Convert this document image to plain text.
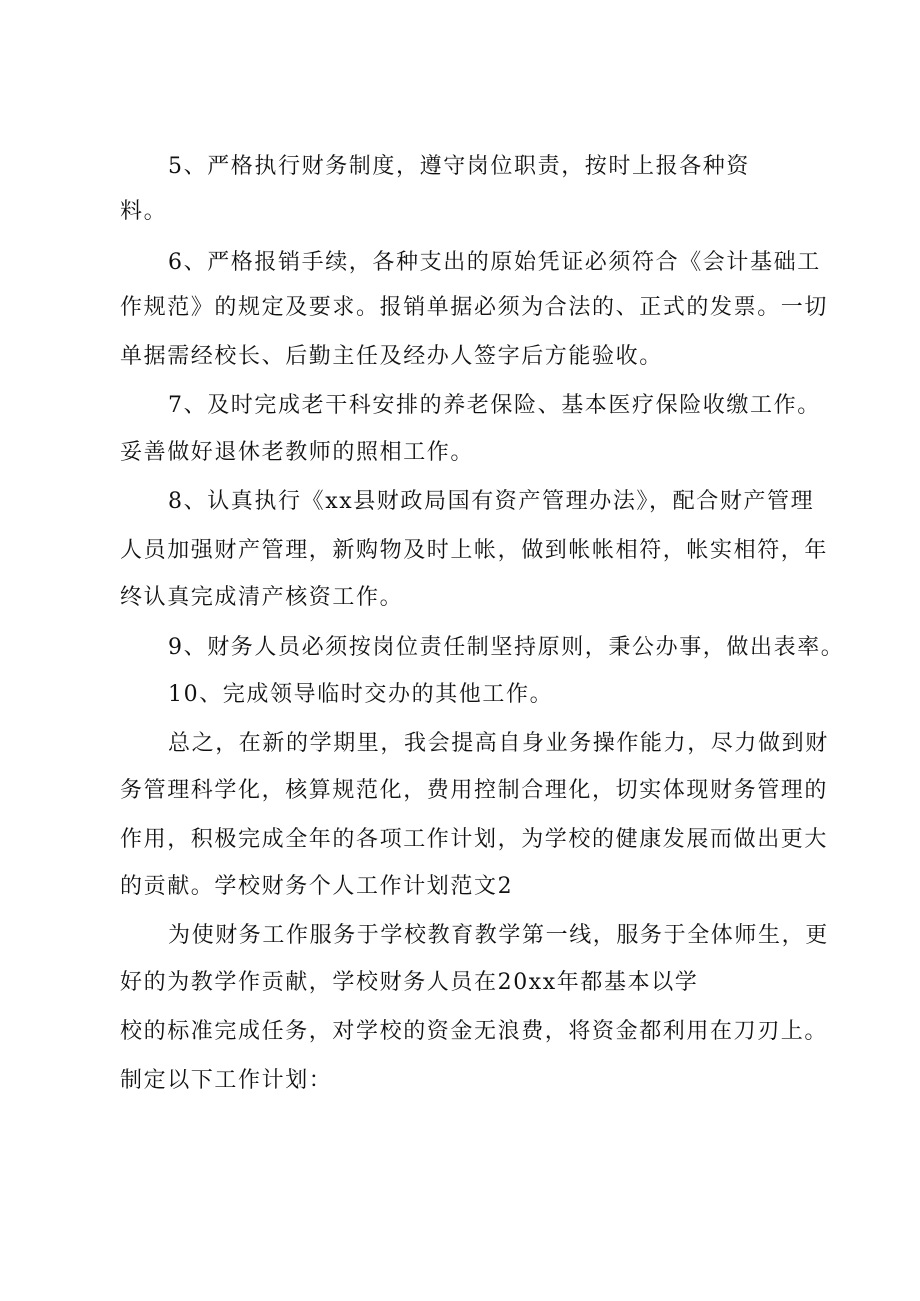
5、严格执行财务制度，遵守岗位职责，按时上报各种资
料。
6、严格报销手续，各种支出的原始凭证必须符合《会计基础工
作规范》的规定及要求。报销单据必须为合法的、正式的发票。一切
单据需经校长、后勤主任及经办人签字后方能验收。
7、及时完成老干科安排的养老保险、基本医疗保险收缴工作。
妥善做好退休老教师的照相工作。
8、认真执行《xx县财政局国有资产管理办法》，配合财产管理
人员加强财产管理，新购物及时上帐，做到帐帐相符，帐实相符，年
终认真完成清产核资工作。
9、财务人员必须按岗位责任制坚持原则，秉公办事，做出表率。
10、完成领导临时交办的其他工作。
总之，在新的学期里，我会提高自身业务操作能力，尽力做到财
务管理科学化，核算规范化，费用控制合理化，切实体现财务管理的
作用，积极完成全年的各项工作计划，为学校的健康发展而做出更大
的贡献。学校财务个人工作计划范文2
为使财务工作服务于学校教育教学第一线，服务于全体师生，更
好的为教学作贡献，学校财务人员在20xx年都基本以学
校的标准完成任务，对学校的资金无浪费，将资金都利用在刀刃上。
制定以下工作计划：
